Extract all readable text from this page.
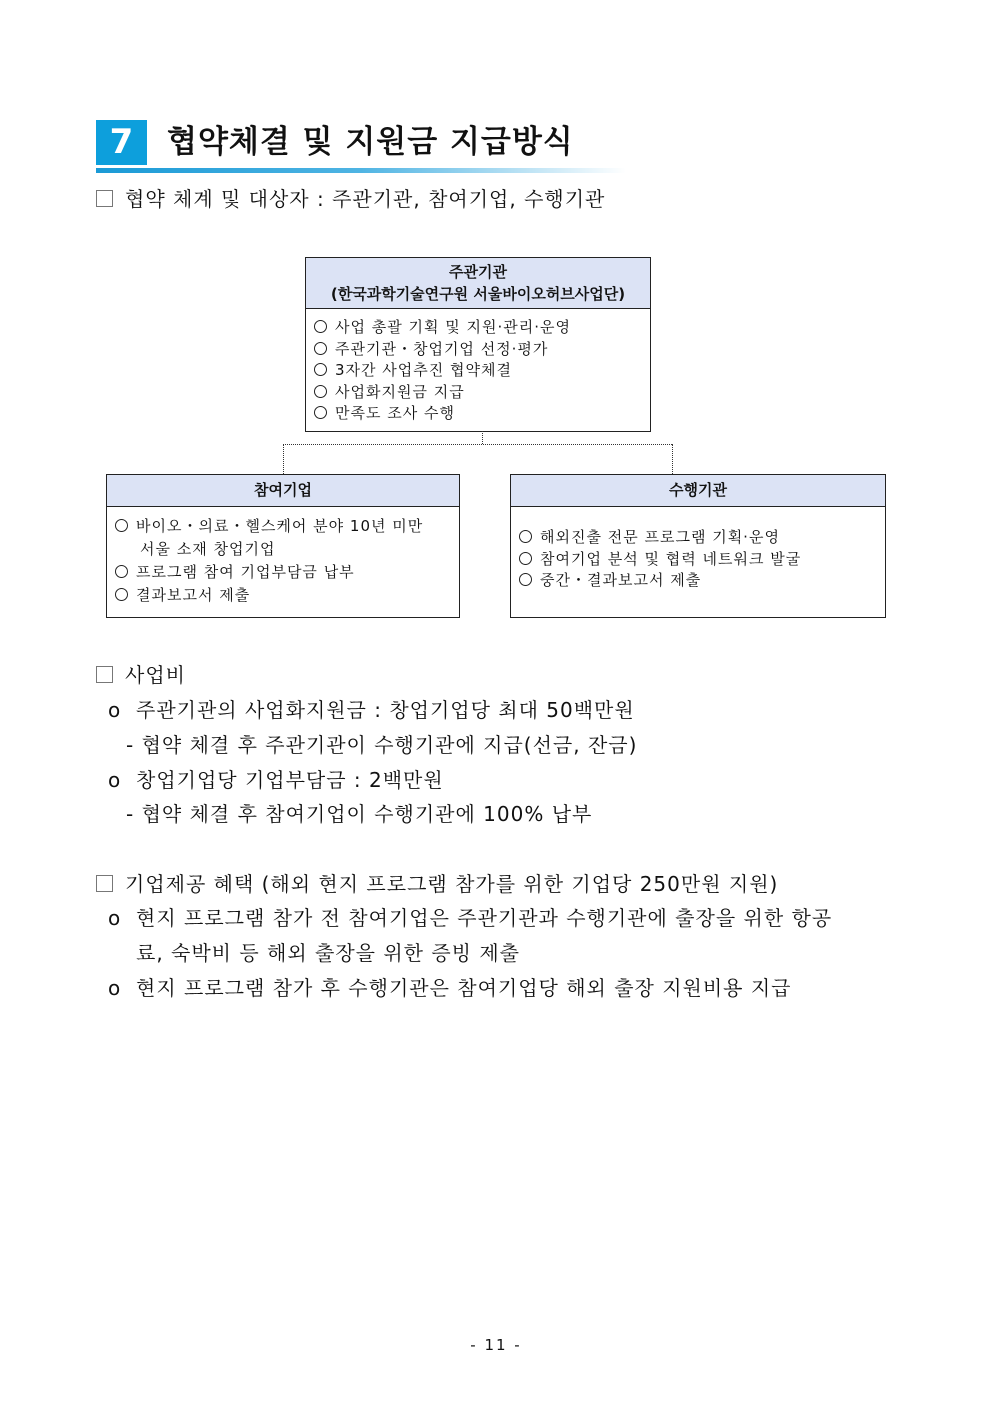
7	협약체결 및 지원금 지급방식
협약 체계 및 대상자 : 주관기관, 참여기업, 수행기관
주관기관
(한국과학기술연구원 서울바이오허브사업단)
사업 총괄 기획 및 지원·관리·운영
주관기관・창업기업 선정·평가
3자간 사업추진 협약체결
사업화지원금 지급
만족도 조사 수행
참여기업
바이오・의료・헬스케어 분야 10년 미만
서울 소재 창업기업
프로그램 참여 기업부담금 납부
결과보고서 제출
수행기관
해외진출 전문 프로그램 기획·운영
참여기업 분석 및 협력 네트워크 발굴
중간・결과보고서 제출
사업비
o 주관기관의 사업화지원금 : 창업기업당 최대 50백만원
- 협약 체결 후 주관기관이 수행기관에 지급(선금, 잔금)
o 창업기업당 기업부담금 : 2백만원
- 협약 체결 후 참여기업이 수행기관에 100% 납부
기업제공 혜택 (해외 현지 프로그램 참가를 위한 기업당 250만원 지원)
o 현지 프로그램 참가 전 참여기업은 주관기관과 수행기관에 출장을 위한 항공
료, 숙박비 등 해외 출장을 위한 증빙 제출
o 현지 프로그램 참가 후 수행기관은 참여기업당 해외 출장 지원비용 지급
- 11 -
